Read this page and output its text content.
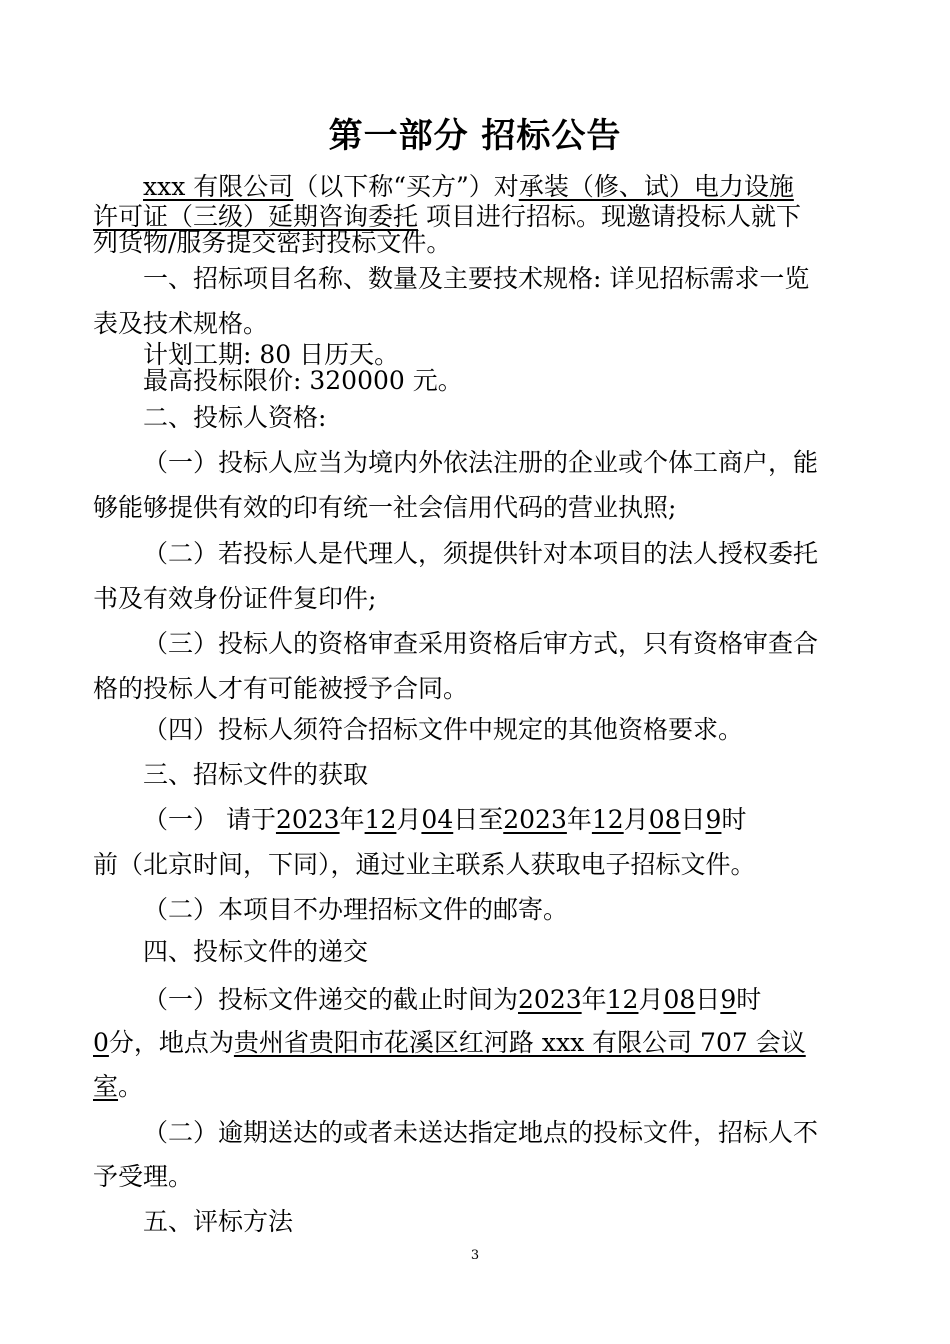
第一部分 招标公告
xxx 有限公司（以下称“买方”）对承装（修、试）电力设施
许可证（三级）延期咨询委托 项目进行招标。现邀请投标人就下
列货物/服务提交密封投标文件。
一、招标项目名称、数量及主要技术规格: 详见招标需求一览
表及技术规格。
计划工期: 80 日历天。
最高投标限价: 320000 元。
二、投标人资格:
（一）投标人应当为境内外依法注册的企业或个体工商户，能
够能够提供有效的印有统一社会信用代码的营业执照;
（二）若投标人是代理人，须提供针对本项目的法人授权委托
书及有效身份证件复印件;
（三）投标人的资格审查采用资格后审方式，只有资格审查合
格的投标人才有可能被授予合同。
（四）投标人须符合招标文件中规定的其他资格要求。
三、招标文件的获取
（一） 请于2023年12月04日至2023年12月08日9时
前（北京时间，下同），通过业主联系人获取电子招标文件。
（二）本项目不办理招标文件的邮寄。
四、投标文件的递交
（一）投标文件递交的截止时间为2023年12月08日9时
0分，地点为贵州省贵阳市花溪区红河路 xxx 有限公司 707 会议
室。
（二）逾期送达的或者未送达指定地点的投标文件，招标人不
予受理。
五、评标方法
3
